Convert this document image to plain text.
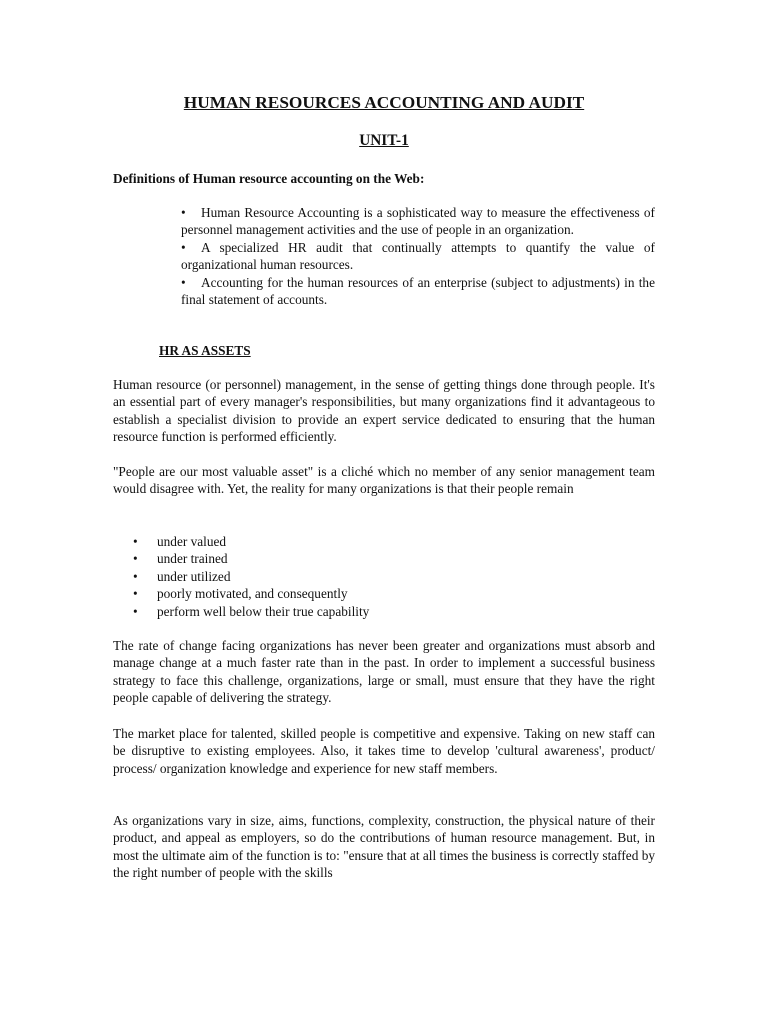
HUMAN RESOURCES ACCOUNTING AND AUDIT
UNIT-1

Definitions of Human resource accounting on the Web:

• Human Resource Accounting is a sophisticated way to measure the effectiveness of personnel management activities and the use of people in an organization.
• A specialized HR audit that continually attempts to quantify the value of organizational human resources.
• Accounting for the human resources of an enterprise (subject to adjustments) in the final statement of accounts.

HR AS ASSETS

Human resource (or personnel) management, in the sense of getting things done through people. It's an essential part of every manager's responsibilities, but many organizations find it advantageous to establish a specialist division to provide an expert service dedicated to ensuring that the human resource function is performed efficiently.

"People are our most valuable asset" is a cliché which no member of any senior management team would disagree with. Yet, the reality for many organizations is that their people remain

• under valued
• under trained
• under utilized
• poorly motivated, and consequently
• perform well below their true capability

The rate of change facing organizations has never been greater and organizations must absorb and manage change at a much faster rate than in the past. In order to implement a successful business strategy to face this challenge, organizations, large or small, must ensure that they have the right people capable of delivering the strategy.

The market place for talented, skilled people is competitive and expensive. Taking on new staff can be disruptive to existing employees. Also, it takes time to develop 'cultural awareness', product/ process/ organization knowledge and experience for new staff members.

As organizations vary in size, aims, functions, complexity, construction, the physical nature of their product, and appeal as employers, so do the contributions of human resource management. But, in most the ultimate aim of the function is to: "ensure that at all times the business is correctly staffed by the right number of people with the skills
